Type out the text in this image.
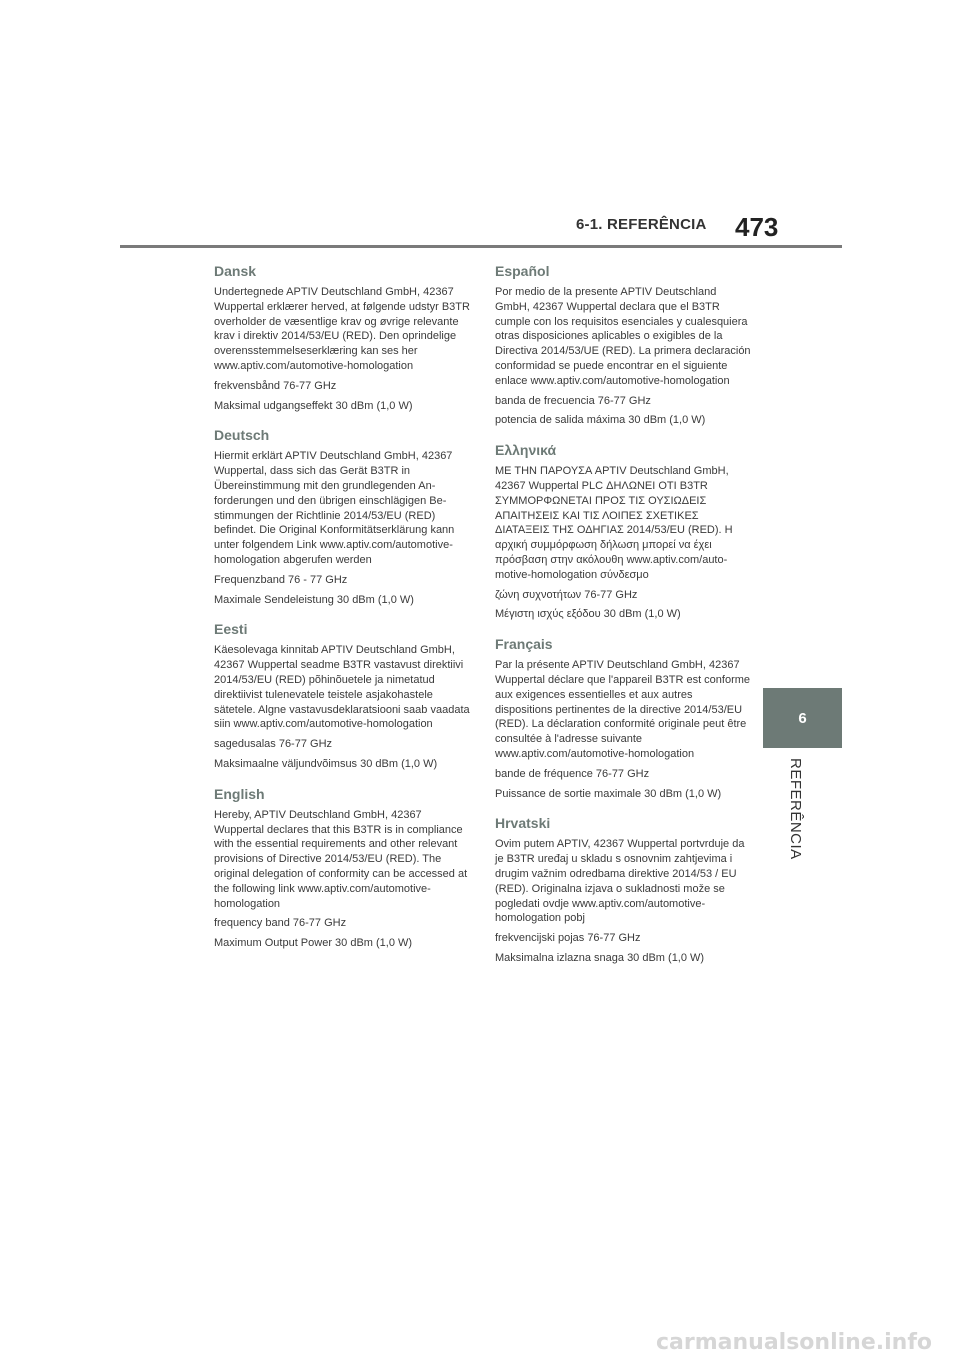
6-1. REFERÊNCIA 473
6
REFERÊNCIA
Dansk

Undertegnede APTIV Deutschland GmbH, 42367 Wuppertal erklærer herved, at følgende udstyr B3TR overholder de væsentlige krav og øvrige relevante krav i direktiv 2014/53/EU (RED). Den oprindelige overensstemmelseserklæring kan ses her www.aptiv.com/automotive-homologation

frekvensbånd 76-77 GHz

Maksimal udgangseffekt 30 dBm (1,0 W)

Deutsch

Hiermit erklärt APTIV Deutschland GmbH, 42367 Wuppertal, dass sich das Gerät B3TR in Übereinstimmung mit den grundlegenden Anforderungen und den übrigen einschlägigen Bestimmungen der Richtlinie 2014/53/EU (RED) befindet. Die Original Konformitätserklärung kann unter folgendem Link www.aptiv.com/automotive-homologation abgerufen werden

Frequenzband 76 - 77 GHz

Maximale Sendeleistung 30 dBm (1,0 W)

Eesti

Käesolevaga kinnitab APTIV Deutschland GmbH, 42367 Wuppertal seadme B3TR vastavust direktiivi 2014/53/EU (RED) põhinõuetele ja nimetatud direktiivist tulenevatele teistele asjakohastele sätetele. Algne vastavusdeklaratsiooni saab vaadata siin www.aptiv.com/automotive-homologation

sagedusalas 76-77 GHz

Maksimaalne väljundvõimsus 30 dBm (1,0 W)

English

Hereby, APTIV Deutschland GmbH, 42367 Wuppertal declares that this B3TR is in compliance with the essential requirements and other relevant provisions of Directive 2014/53/EU (RED). The original delegation of conformity can be accessed at the following link www.aptiv.com/automotive-homologation

frequency band 76-77 GHz

Maximum Output Power 30 dBm (1,0 W)

Español

Por medio de la presente APTIV Deutschland GmbH, 42367 Wuppertal declara que el B3TR cumple con los requisitos esenciales y cualesquiera otras disposiciones aplicables o exigibles de la Directiva 2014/53/UE (RED). La primera declaración conformidad se puede encontrar en el siguiente enlace www.aptiv.com/automotive-homologation

banda de frecuencia 76-77 GHz

potencia de salida máxima 30 dBm (1,0 W)

Ελληνικά

ΜΕ ΤΗΝ ΠΑΡΟΥΣΑ APTIV Deutschland GmbH, 42367 Wuppertal PLC ΔΗΛΩΝΕΙ ΟΤΙ B3TR ΣΥΜΜΟΡΦΩΝΕΤΑΙ ΠΡΟΣ ΤΙΣ ΟΥΣΙΩΔΕΙΣ ΑΠΑΙΤΗΣΕΙΣ ΚΑΙ ΤΙΣ ΛΟΙΠΕΣ ΣΧΕΤΙΚΕΣ ΔΙΑΤΑΞΕΙΣ ΤΗΣ ΟΔΗΓΙΑΣ 2014/53/EU (RED). Η αρχική συμμόρφωση δήλωση μπορεί να έχει πρόσβαση στην ακόλουθη www.aptiv.com/automotive-homologation σύνδεσμο

ζώνη συχνοτήτων 76-77 GHz

Μέγιστη ισχύς εξόδου 30 dBm (1,0 W)

Français

Par la présente APTIV Deutschland GmbH, 42367 Wuppertal déclare que l'appareil B3TR est conforme aux exigences essentielles et aux autres dispositions pertinentes de la directive 2014/53/EU (RED). La déclaration conformité originale peut être consultée à l'adresse suivante www.aptiv.com/automotive-homologation

bande de fréquence 76-77 GHz

Puissance de sortie maximale 30 dBm (1,0 W)

Hrvatski

Ovim putem APTIV, 42367 Wuppertal portvrduje da je B3TR uređaj u skladu s osnovnim zahtjevima i drugim važnim odredbama direktive 2014/53 / EU (RED). Originalna izjava o sukladnosti može se pogledati ovdje www.aptiv.com/automotive-homologation pobj

frekvencijski pojas 76-77 GHz

Maksimalna izlazna snaga 30 dBm (1,0 W)

carmanualsonline.info
